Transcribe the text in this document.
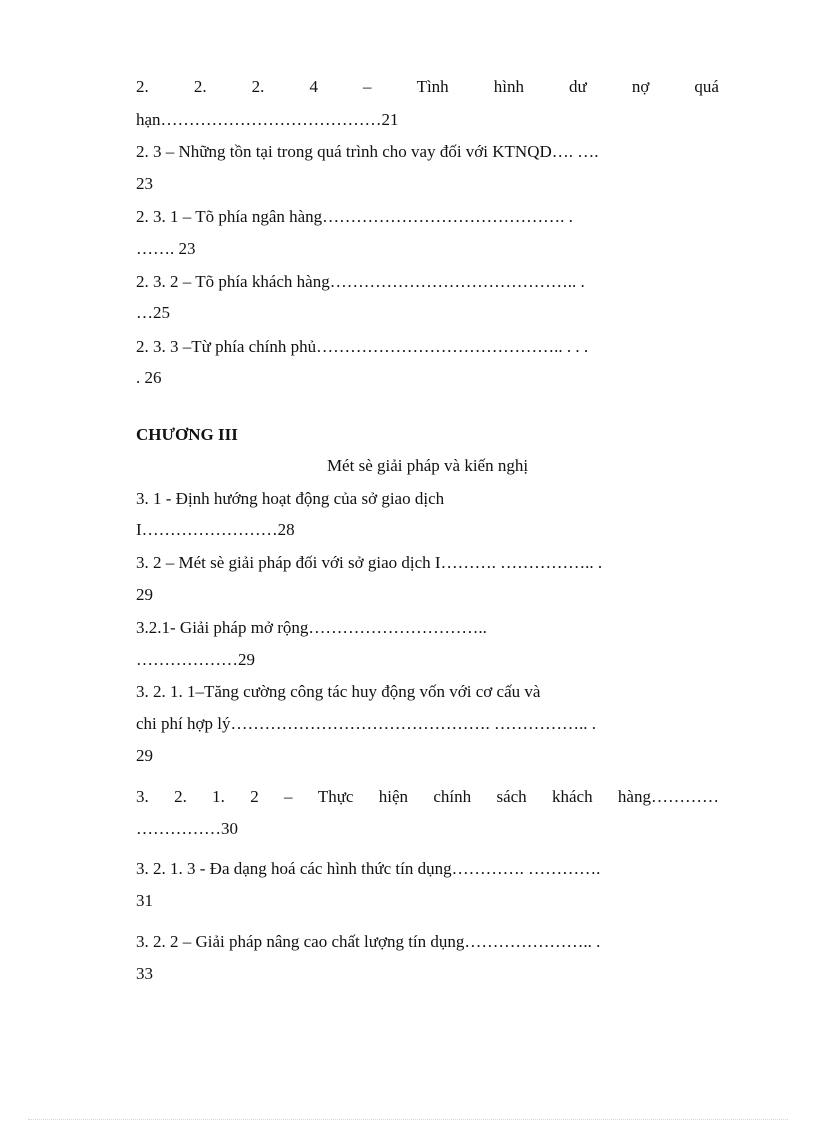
2.	2.	2.	4	–	Tình	hình	dư	nợ	quá
hạn…………………………………21
2. 3 – Những tồn tại trong quá trình cho vay đối với KTNQD…. ….
23
2. 3. 1 – Tõ phía ngân hàng……………………………………. .
……. 23
2. 3. 2 – Tõ phía khách hàng…………………………………….. .
…25
2. 3. 3 –Từ phía chính phủ…………………………………….. . . .
. 26
CHƯƠNG III
Mét sè giải pháp và kiến nghị
3. 1 - Định hướng hoạt động của sở giao dịch
I……………………28
3. 2 – Mét sè giải pháp đối với sở giao dịch I………. …………….. .
29
3.2.1- Giải pháp mở rộng…………………………..
………………29
3. 2. 1. 1–Tăng cường công tác huy động vốn với cơ cấu và
chi phí hợp lý………………………………………. …………….. .
29
3. 2. 1. 2 – Thực hiện chính sách khách hàng…………
……………30
3. 2. 1. 3 - Đa dạng hoá các hình thức tín dụng…………. ………….
31
3. 2. 2 – Giải pháp nâng cao chất lượng tín dụng………………….. .
33
